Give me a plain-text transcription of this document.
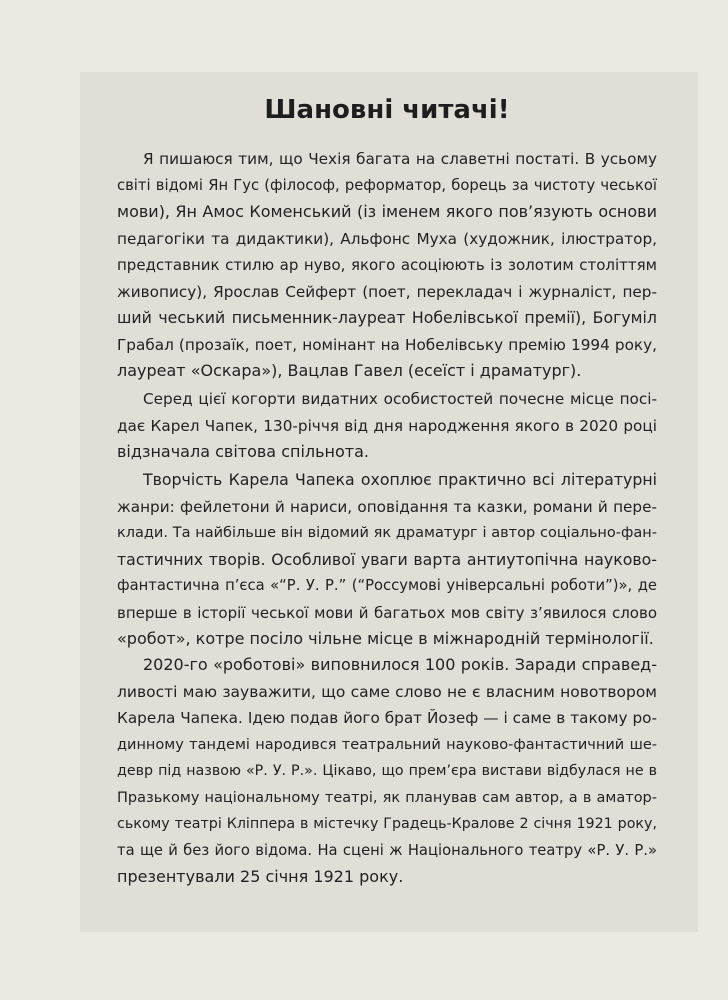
Шановні читачі!

Я пишаюся тим, що Чехія багата на славетні постаті. В усьому
світі відомі Ян Гус (філософ, реформатор, борець за чистоту чеської
мови), Ян Амос Коменський (із іменем якого пов’язують основи
педагогіки та дидактики), Альфонс Муха (художник, ілюстратор,
представник стилю ар нуво, якого асоціюють із золотим століттям
живопису), Ярослав Сейферт (поет, перекладач і журналіст, пер-
ший чеський письменник-лауреат Нобелівської премії), Богуміл
Грабал (прозаїк, поет, номінант на Нобелівську премію 1994 року,
лауреат «Оскара»), Вацлав Гавел (есеїст і драматург).

Серед цієї когорти видатних особистостей почесне місце посі-
дає Карел Чапек, 130-річчя від дня народження якого в 2020 році
відзначала світова спільнота.

Творчість Карела Чапека охоплює практично всі літературні
жанри: фейлетони й нариси, оповідання та казки, романи й пере-
клади. Та найбільше він відомий як драматург і автор соціально-фан-
тастичних творів. Особливої уваги варта антиутопічна науково-
фантастична п’єса «“Р. У. Р.” (“Россумові універсальні роботи”)», де
вперше в історії чеської мови й багатьох мов світу з’явилося слово
«робот», котре посіло чільне місце в міжнародній термінології.

2020-го «роботові» виповнилося 100 років. Заради справед-
ливості маю зауважити, що саме слово не є власним новотвором
Карела Чапека. Ідею подав його брат Йозеф — і саме в такому ро-
динному тандемі народився театральний науково-фантастичний ше-
девр під назвою «Р. У. Р.». Цікаво, що прем’єра вистави відбулася не в
Празькому національному театрі, як планував сам автор, а в аматор-
ському театрі Кліппера в містечку Градець-Кралове 2 січня 1921 року,
та ще й без його відома. На сцені ж Національного театру «Р. У. Р.»
презентували 25 січня 1921 року.
